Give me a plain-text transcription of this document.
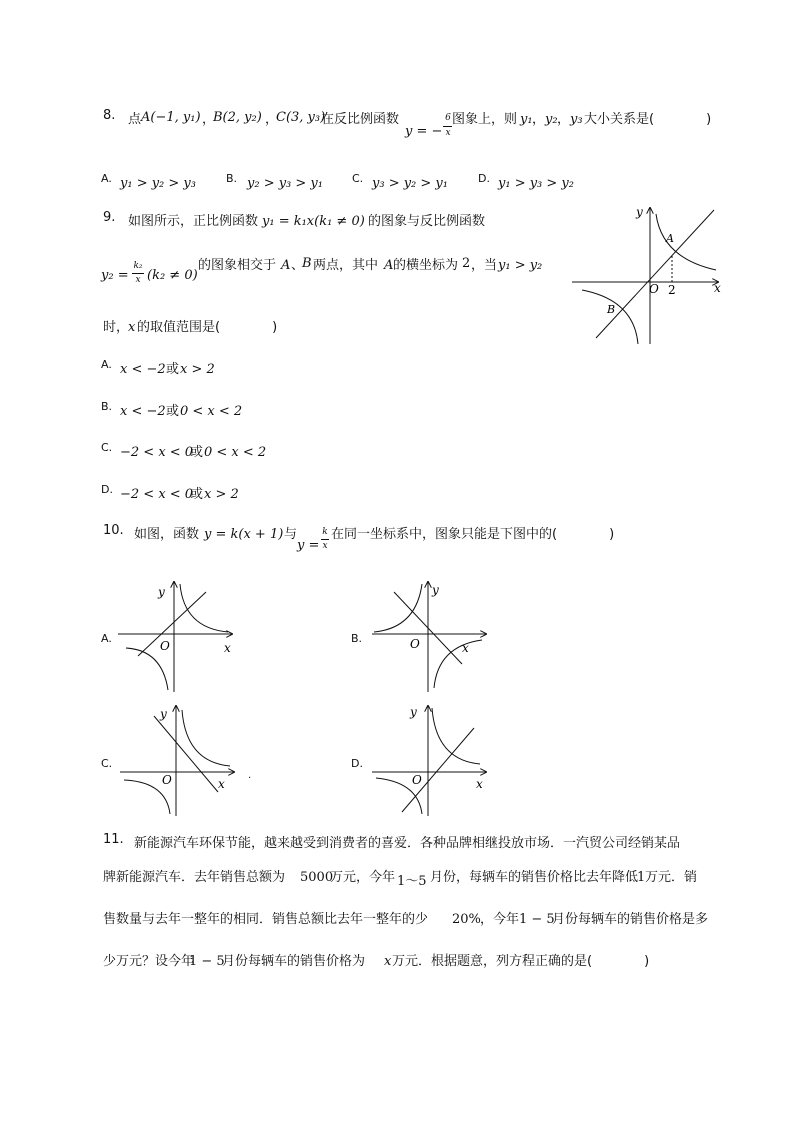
8. 点 A(−1, y₁) ，
B(2, y₂) ，
C(3, y₃)
在反比例函数
y = −
6
x
图象上，则 y₁ ， y₂ ， y₃ 大小关系是(　　　　)
A. y₁ > y₂ > y₃	B. y₂ > y₃ > y₁	C. y₃ > y₂ > y₁	D. y₁ > y₃ > y₂
9. 如图所示，正比例函数 y₁ = k₁x(k₁ ≠ 0) 的图象与反比例函数
y₂ =
k₂
x (k₂ ≠ 0)
的图象相交于 A 、
B 两点，其中 A 的横坐标为 2 ，当 y₁ > y₂
时，
x 的取值范围是(　　　　)
y
x
O 2
A
B
A. x < −2 或 x > 2
B. x < −2 或 0 < x < 2
C. −2 < x < 0
或 0 < x < 2
D. −2 < x < 0
或 x > 2
10. 如图，函数 y = k(x + 1) 与
y =
k
x
在同一坐标系中，图象只能是下图中的(　　　　)
A.
y
x
O
B.
y
x
O
C.
y
x
O	.
D.
y
x
O
11. 新能源汽车环保节能，越来越受到消费者的喜爱．各种品牌相继投放市场．一汽贸公司经销某品
牌新能源汽车．去年销售总额为 5000
万元，今年 1～5 月份，每辆车的销售价格比去年降低
1 万元．销
售数量与去年一整年的相同．销售总额比去年一整年的少 20% ，今年 1 − 5
月份每辆车的销售价格是多
少万元？设今年
1 − 5
月份每辆车的销售价格为 x 万元．根据题意，列方程正确的是(　　　　)
